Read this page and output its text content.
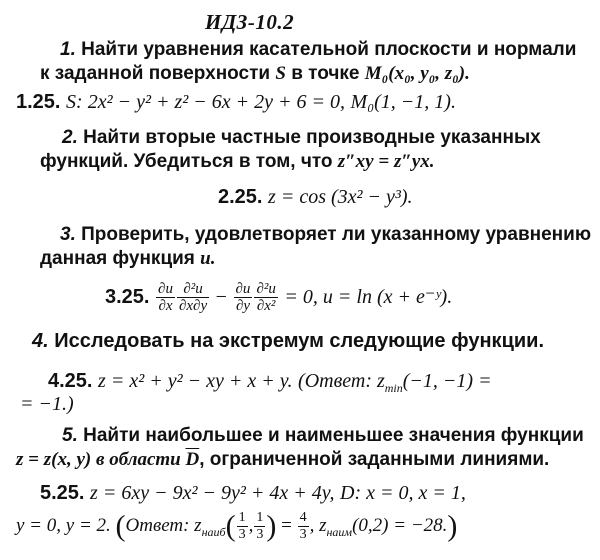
ИДЗ-10.2
1. Найти уравнения касательной плоскости и нормали
к заданной поверхности S в точке M₀(x₀, y₀, z₀).
1.25. S: 2x² − y² + z² − 6x + 2y + 6 = 0, M₀(1, −1, 1).
2. Найти вторые частные производные указанных
функций. Убедиться в том, что z″xy = z″yx.
2.25. z = cos (3x² − y³).
3. Проверить, удовлетворяет ли указанному уравнению
данная функция u.
3.25. $\frac{\partial u}{\partial x} \frac{\text{∂²u}}{\partial x\partial y} - \frac{\partial u}{\partial y} \frac{\text{∂²u}}{\text{∂x²}} = 0$, u = ln (x + e⁻ʸ).
4. Исследовать на экстремум следующие функции.
4.25. z = x² + y² − xy + x + y. (Ответ: $z_{min}(-1$, −1) =
= −1.)
5. Найти наибольшее и наименьшее значения функции
z = z(x, y) в области $\overline{D}$, ограниченной заданными линиями.
5.25. z = 6xy − 9x² − 9y² + 4x + 4y, D: x = 0, x = 1,
y = 0, y = 2. (Ответ: $z_{наиб}( \frac{1}{3}$ , $\frac{1}{3}$ ) = $\frac{4}{3}$ , $z_{наим}(0,2) = -28$.)
